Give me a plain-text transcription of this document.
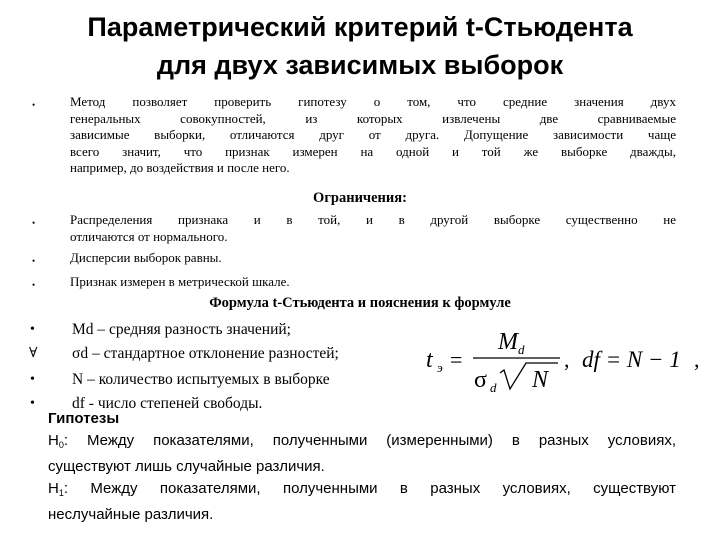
Параметрический критерий t-Стьюдента
для двух зависимых выборок
•	Метод позволяет проверить гипотезу о том, что средние значения двух
генеральных совокупностей, из которых извлечены две сравниваемые
зависимые выборки, отличаются друг от друга. Допущение зависимости чаще
всего значит, что признак измерен на одной и той же выборке дважды,
например, до воздействия и после него.
Ограничения:
•	Распределения признака и в той, и в другой выборке существенно не
отличаются от нормального.
•	Дисперсии выборок равны.
•	Признак измерен в метрической шкале.
Формула t-Стьюдента и пояснения к формуле
• Md – средняя разность значений;
∀ σd – стандартное отклонение разностей;
• N – количество испытуемых в выборке
• df - число степеней свободы.
t э =
M d
σ d N
, df = N − 1 ,
Гипотезы
$H_0$: Между показателями, полученными (измеренными) в разных условиях,
существуют лишь случайные различия.
$H_1$: Между показателями, полученными в разных условиях, существуют
неслучайные различия.
